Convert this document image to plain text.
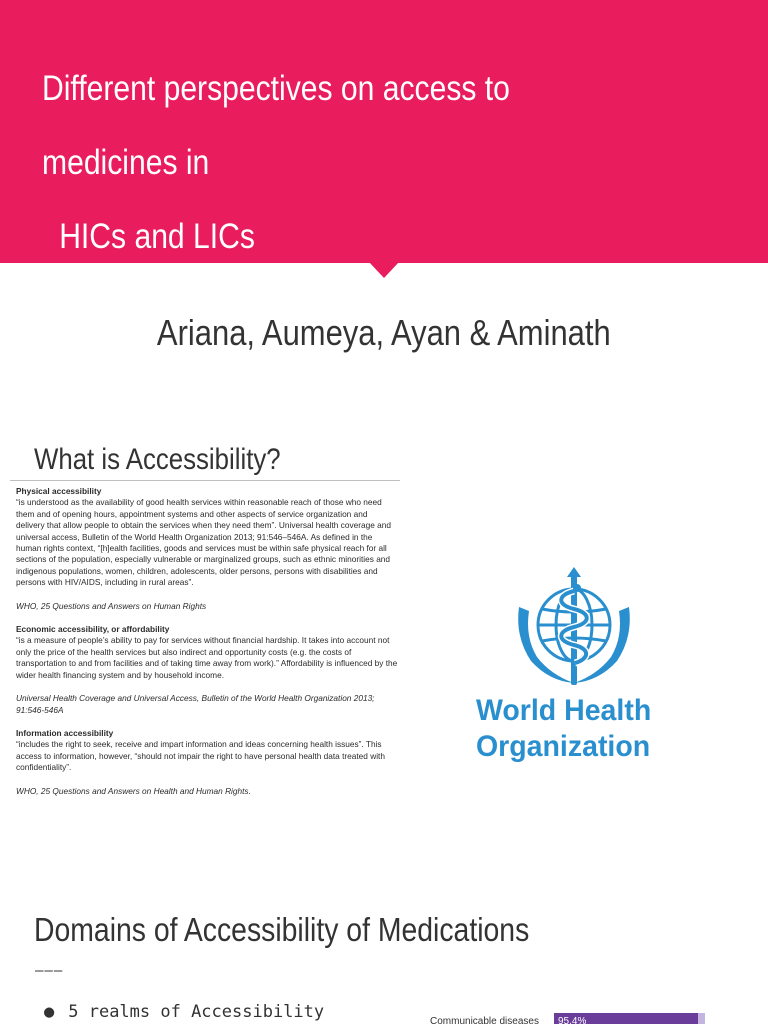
Different perspectives on access to medicines in
HICs and LICs
Ariana, Aumeya, Ayan & Aminath
What is Accessibility?
Physical accessibility
“is understood as the availability of good health services within reasonable reach of those who need them and of opening hours, appointment systems and other aspects of service organization and delivery that allow people to obtain the services when they need them”. Universal health coverage and universal access, Bulletin of the World Health Organization 2013; 91:546–546A. As defined in the human rights context, “[h]ealth facilities, goods and services must be within safe physical reach for all sections of the population, especially vulnerable or marginalized groups, such as ethnic minorities and indigenous populations, women, children, adolescents, older persons, persons with disabilities and persons with HIV/AIDS, including in rural areas”.
WHO, 25 Questions and Answers on Human Rights
Economic accessibility, or affordability
“is a measure of people’s ability to pay for services without financial hardship. It takes into account not only the price of the health services but also indirect and opportunity costs (e.g. the costs of transportation to and from facilities and of taking time away from work).” Affordability is influenced by the wider health financing system and by household income.
Universal Health Coverage and Universal Access, Bulletin of the World Health Organization 2013; 91:546-546A
Information accessibility
“includes the right to seek, receive and impart information and ideas concerning health issues”. This access to information, however, “should not impair the right to have personal health data treated with confidentiality”.
WHO, 25 Questions and Answers on Health and Human Rights.
World Health
Organization
Domains of Accessibility of Medications
———
● 5 realms of Accessibility	Communicable diseases 95.4%
